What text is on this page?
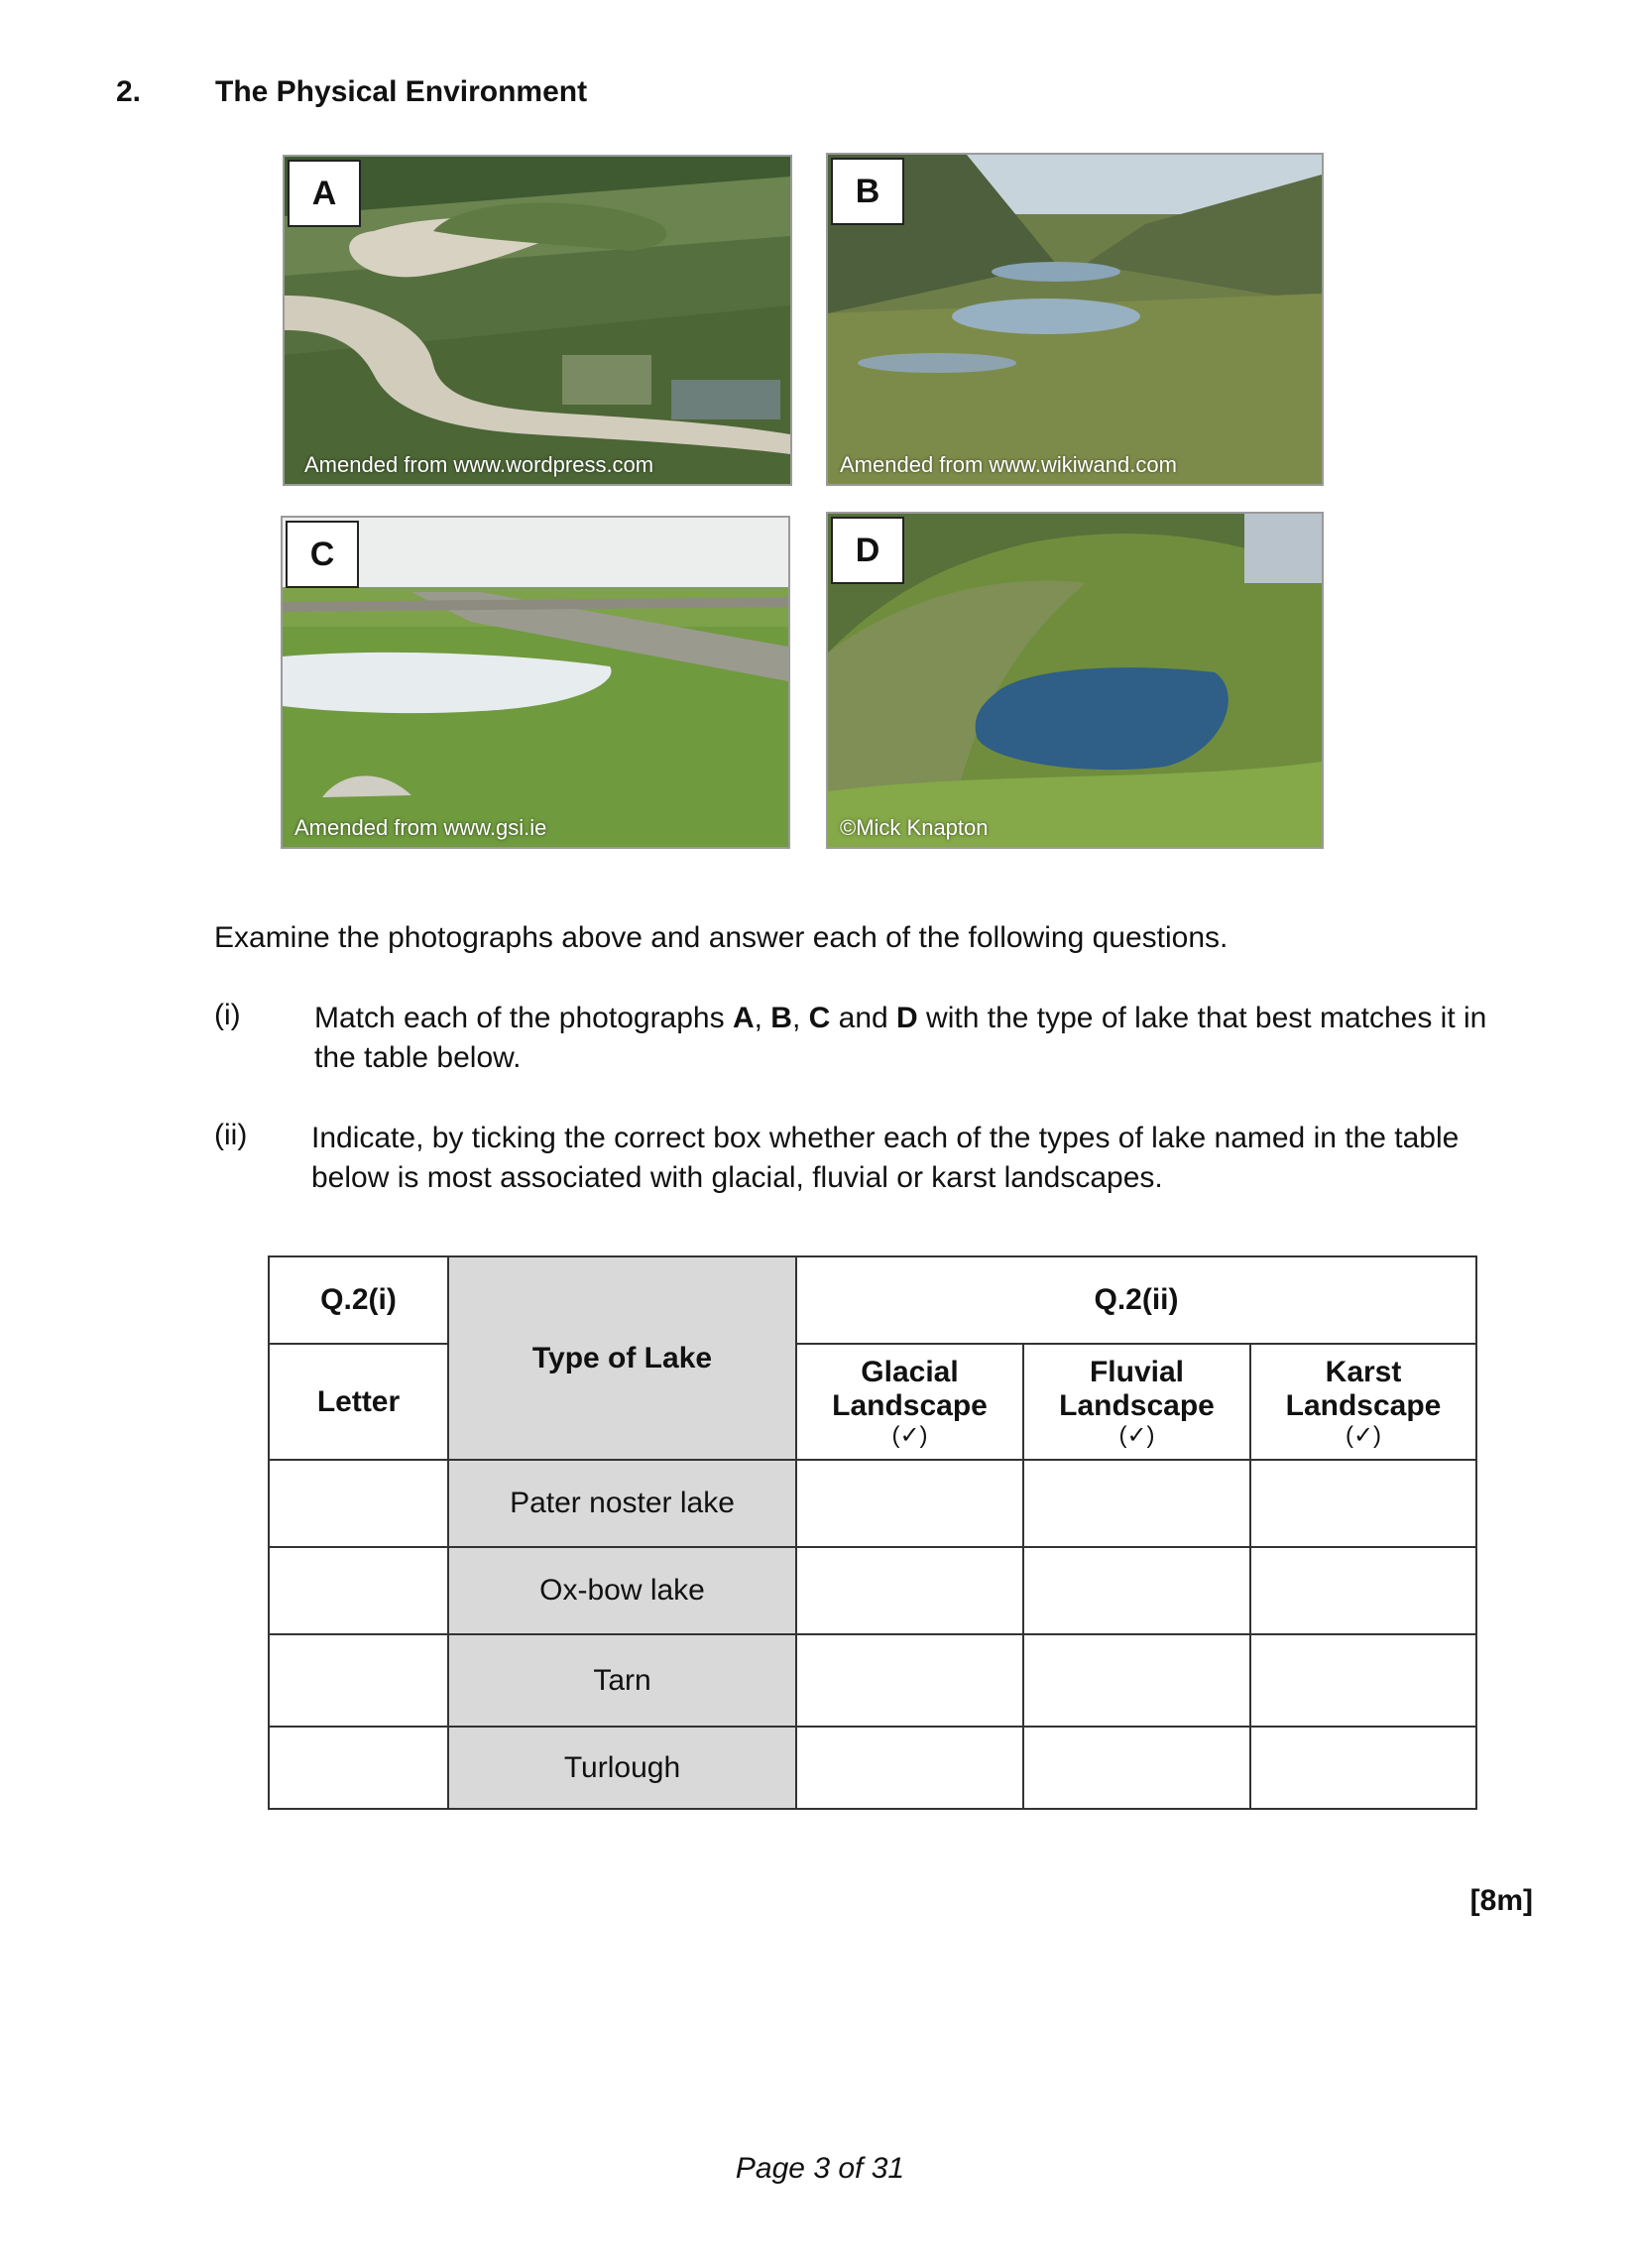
2. The Physical Environment
A
Amended from www.wordpress.com
B
Amended from www.wikiwand.com
C
Amended from www.gsi.ie
D
©Mick Knapton
Examine the photographs above and answer each of the following questions.
(i) Match each of the photographs A, B, C and D with the type of lake that best matches it in the table below.
(ii) Indicate, by ticking the correct box whether each of the types of lake named in the table below is most associated with glacial, fluvial or karst landscapes.
Q.2(i)	Type of Lake	Q.2(ii)		
Letter		Glacial
Landscape
(✓)	Fluvial
Landscape
(✓)	Karst
Landscape
(✓)

	Pater noster lake			
	Ox-bow lake			
	Tarn			
	Turlough			
[8m]
Page 3 of 31
